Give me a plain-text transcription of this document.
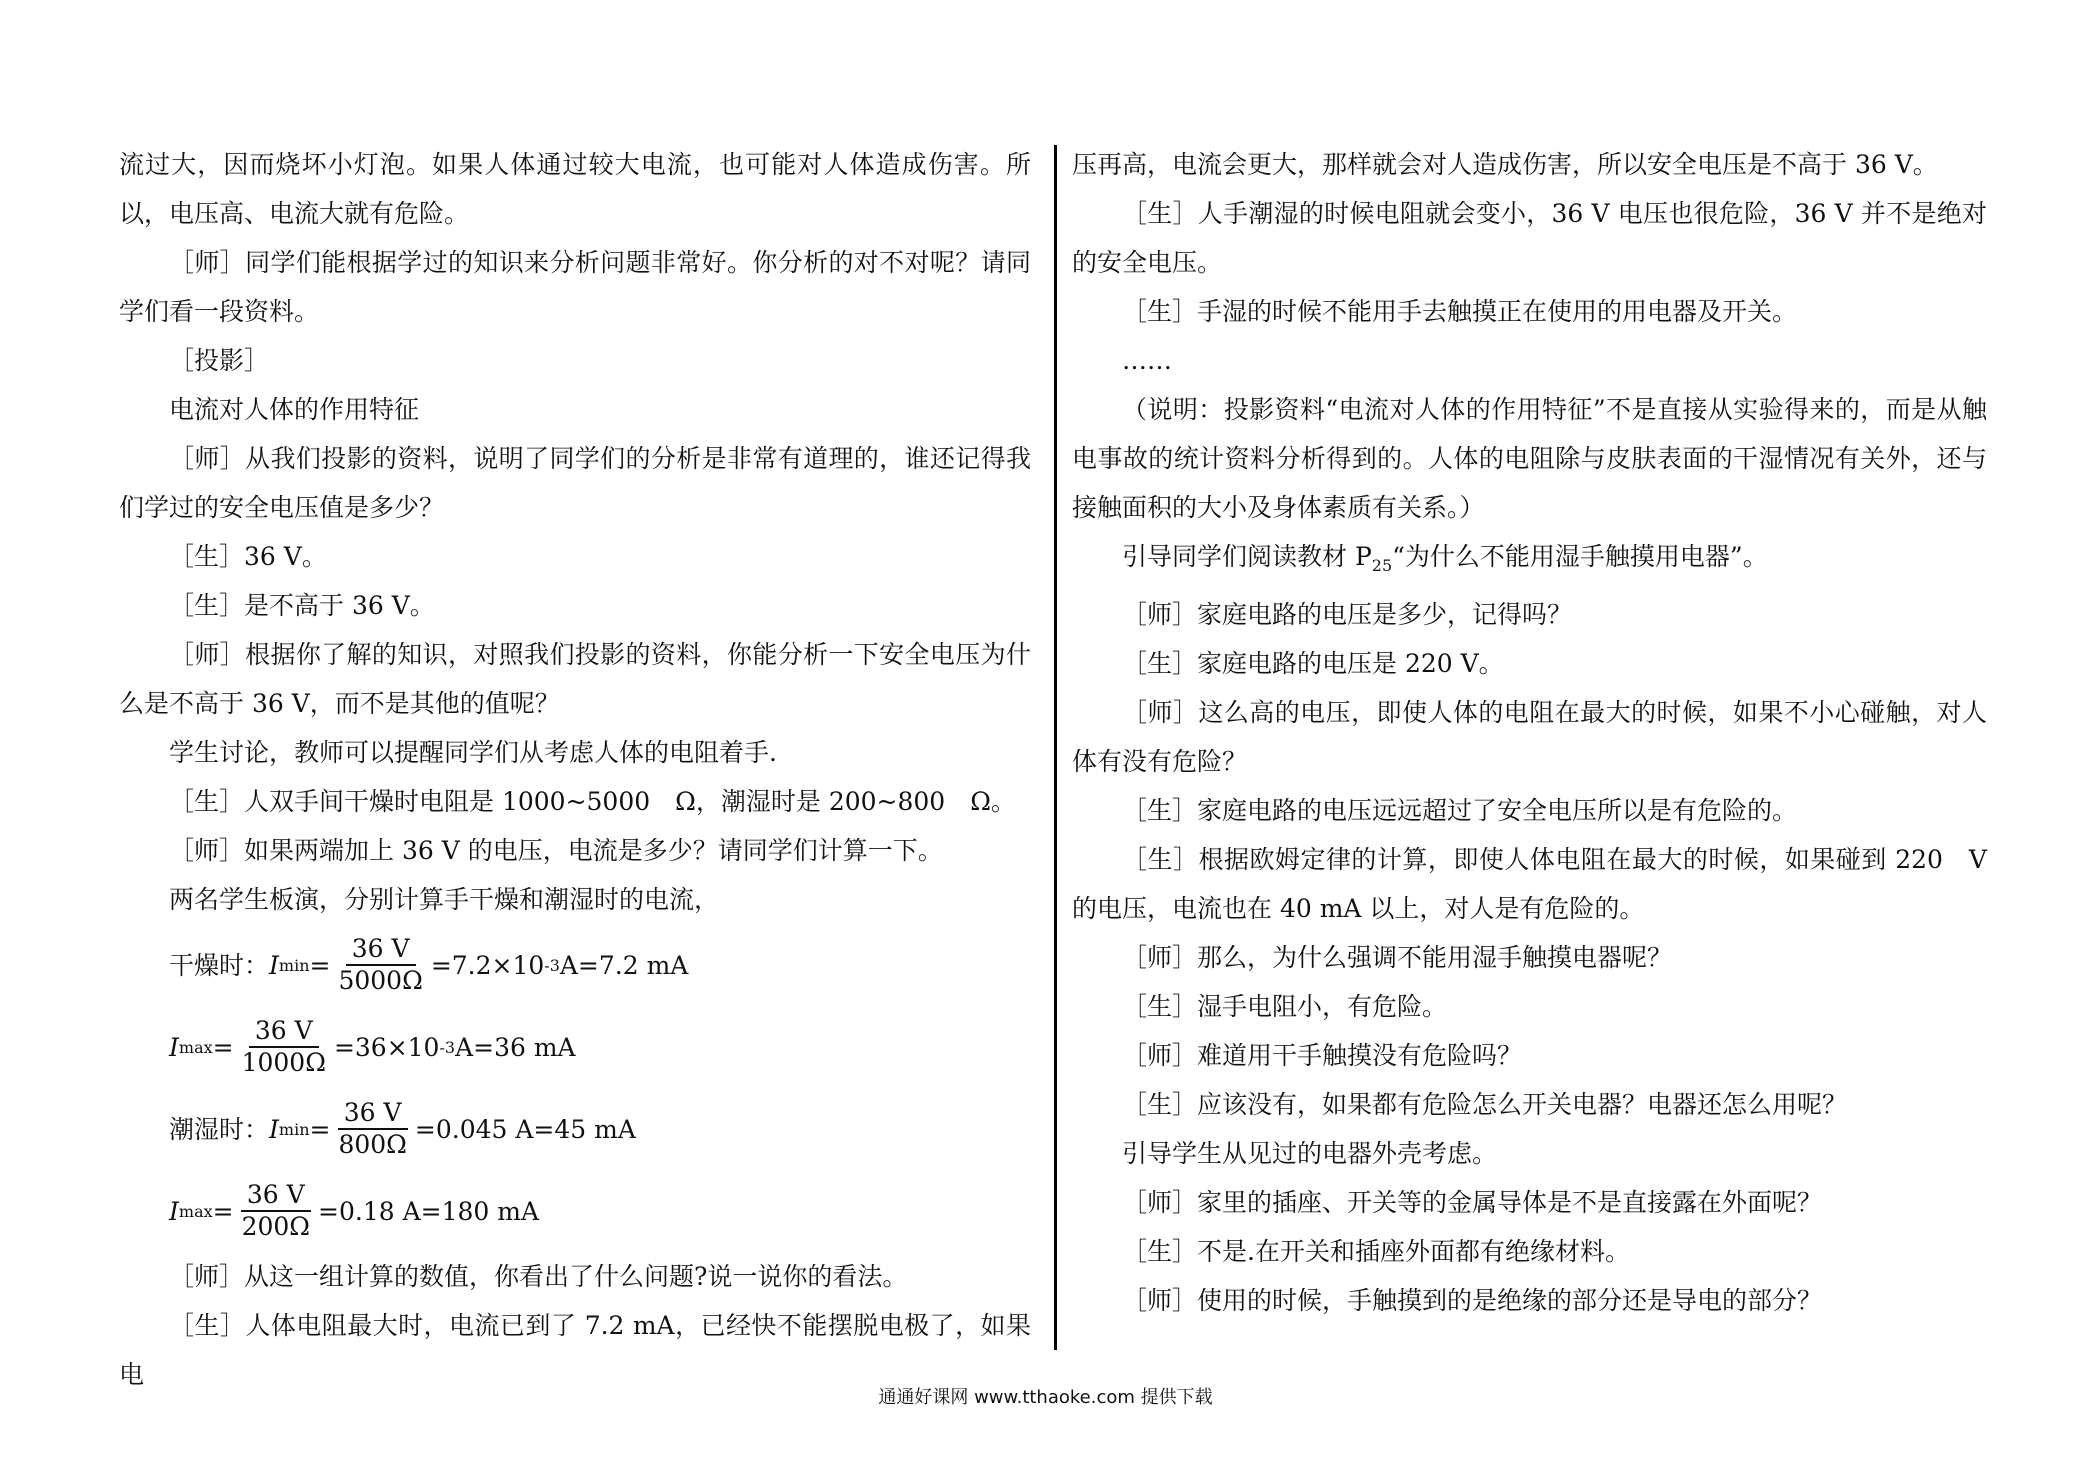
流过大，因而烧坏小灯泡。如果人体通过较大电流，也可能对人体造成伤害。所以，电压高、电流大就有危险。

［师］同学们能根据学过的知识来分析问题非常好。你分析的对不对呢？请同学们看一段资料。

［投影］

电流对人体的作用特征

［师］从我们投影的资料，说明了同学们的分析是非常有道理的，谁还记得我们学过的安全电压值是多少？

［生］36 V。

［生］是不高于 36 V。

［师］根据你了解的知识，对照我们投影的资料，你能分析一下安全电压为什么是不高于 36 V，而不是其他的值呢？

学生讨论，教师可以提醒同学们从考虑人体的电阻着手.

［生］人双手间干燥时电阻是 1000~5000　Ω，潮湿时是 200~800　Ω。

［师］如果两端加上 36 V 的电压，电流是多少？请同学们计算一下。

两名学生板演，分别计算手干燥和潮湿时的电流，

干燥时： I $\min = \frac{36 V}{5000\Omega} =7.2\times 10$ -3 A=7.2 mA
I $\max = \frac{36 V}{1000\Omega} =36\times 10$ -3 A=36 mA
潮湿时： I $\min = \frac{36 V}{800\Omega} =0.045$ A=45 mA
I $\max = \frac{36 V}{200\Omega} =0.18$ A=180 mA

［师］从这一组计算的数值，你看出了什么问题?说一说你的看法。

［生］人体电阻最大时，电流已到了 7.2 mA，已经快不能摆脱电极了，如果电

压再高，电流会更大，那样就会对人造成伤害，所以安全电压是不高于 36 V。

［生］人手潮湿的时候电阻就会变小，36 V 电压也很危险，36 V 并不是绝对的安全电压。

［生］手湿的时候不能用手去触摸正在使用的用电器及开关。

……

（说明：投影资料“电流对人体的作用特征”不是直接从实验得来的，而是从触电事故的统计资料分析得到的。人体的电阻除与皮肤表面的干湿情况有关外，还与接触面积的大小及身体素质有关系。）

引导同学们阅读教材 $P_{25}“$为什么不能用湿手触摸用电器”。

［师］家庭电路的电压是多少，记得吗？

［生］家庭电路的电压是 220 V。

［师］这么高的电压，即使人体的电阻在最大的时候，如果不小心碰触，对人体有没有危险？

［生］家庭电路的电压远远超过了安全电压所以是有危险的。

［生］根据欧姆定律的计算，即使人体电阻在最大的时候，如果碰到 220　V 的电压，电流也在 40 mA 以上，对人是有危险的。

［师］那么，为什么强调不能用湿手触摸电器呢？

［生］湿手电阻小，有危险。

［师］难道用干手触摸没有危险吗？

［生］应该没有，如果都有危险怎么开关电器？电器还怎么用呢？

引导学生从见过的电器外壳考虑。

［师］家里的插座、开关等的金属导体是不是直接露在外面呢？

［生］不是.在开关和插座外面都有绝缘材料。

［师］使用的时候，手触摸到的是绝缘的部分还是导电的部分？

通通好课网 www.tthaoke.com 提供下载
